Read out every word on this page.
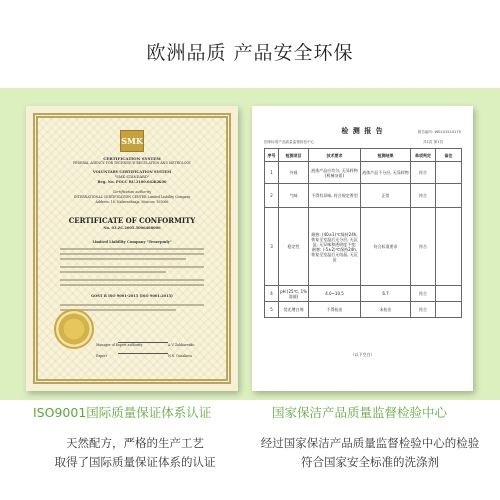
欧洲品质 产品安全环保
SMK
CERTIFICATION SYSTEM
FEDERAL AGENCY FOR TECHNIQUE REGULATION AND METROLOGY
VOLUNTARY CERTIFICATION SYSTEM
"SMK STANDARD"
Reg. No. POCC RU.3100.04ЖЖ00
Certification authority
INTERNATIONAL CERTIFICATION CENTER Limited Liability Company
Address: 18, Nabereshnaja, Moscow, 105066
CERTIFICATE OF CONFORMITY
No. 03.ZC.2005.5006468006
Limited Liability Company "Tenerpmly"
GOST R ISO 9001-2015 (ISO 9001:2015)
Manager of Expert authority
Expert
A.V. Zakharenko
N.N. Gusakova
检 测 报 告
国家标准产品质量监督检验中心
报告编号: W0101510175
共1页 第1页
序号	检测项目	技术要求	检测结果	单项判定	备注
1	外观	液体产品应均匀, 无异样物(机械杂质)	液体产品不分层, 无异样物	符合	
2	气味	不得有异味, 符合规定香型	正常	符合	
3	稳定性	耐热: (40±1)℃保持24h, 恢复至室温后无分层, 无沉淀, 无异味和透明度不变; 耐寒: (-5±2)℃保持24h, 恢复至室温后无结晶, 无沉淀	符合标准要求	符合	
4	pH (25℃, 1%溶液)	4.0~10.5	6.7	符合	
5	荧光增白剂	不得检出	未检出	符合	
（以下空白）
ISO9001国际质量保证体系认证
天然配方，严格的生产工艺
取得了国际质量保证体系的认证
国家保洁产品质量监督检验中心
经过国家保洁产品质量监督检验中心的检验
符合国家安全标准的洗涤剂
